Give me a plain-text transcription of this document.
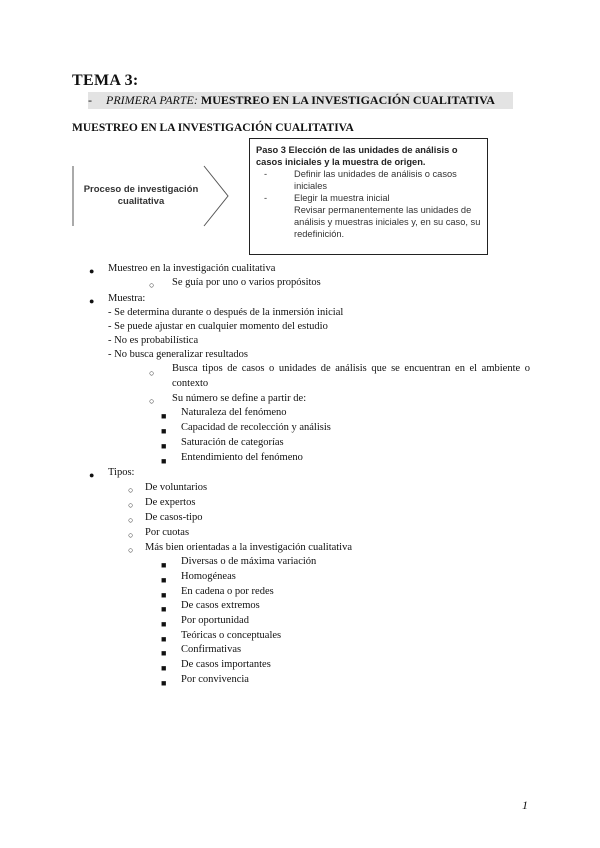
TEMA 3:
- PRIMERA PARTE: MUESTREO EN LA INVESTIGACIÓN CUALITATIVA
MUESTREO EN LA INVESTIGACIÓN CUALITATIVA
Proceso de investigación
cualitativa
Paso 3 Elección de las unidades de análisis o casos iniciales y la muestra de origen.
-	Definir las unidades de análisis o casos iniciales
-	Elegir la muestra inicial
Revisar permanentemente las unidades de análisis y muestras iniciales y, en su caso, su redefinición.
● Muestreo en la investigación cualitativa
○ Se guía por uno o varios propósitos
● Muestra:
- Se determina durante o después de la inmersión inicial
- Se puede ajustar en cualquier momento del estudio
- No es probabilística
- No busca generalizar resultados
○ Busca tipos de casos o unidades de análisis que se encuentran en el ambiente o contexto
○ Su número se define a partir de:
■ Naturaleza del fenómeno
■ Capacidad de recolección y análisis
■ Saturación de categorías
■ Entendimiento del fenómeno
● Tipos:
○ De voluntarios
○ De expertos
○ De casos-tipo
○ Por cuotas
○ Más bien orientadas a la investigación cualitativa
■ Diversas o de máxima variación
■ Homogéneas
■ En cadena o por redes
■ De casos extremos
■ Por oportunidad
■ Teóricas o conceptuales
■ Confirmativas
■ De casos importantes
■ Por convivencia
1
